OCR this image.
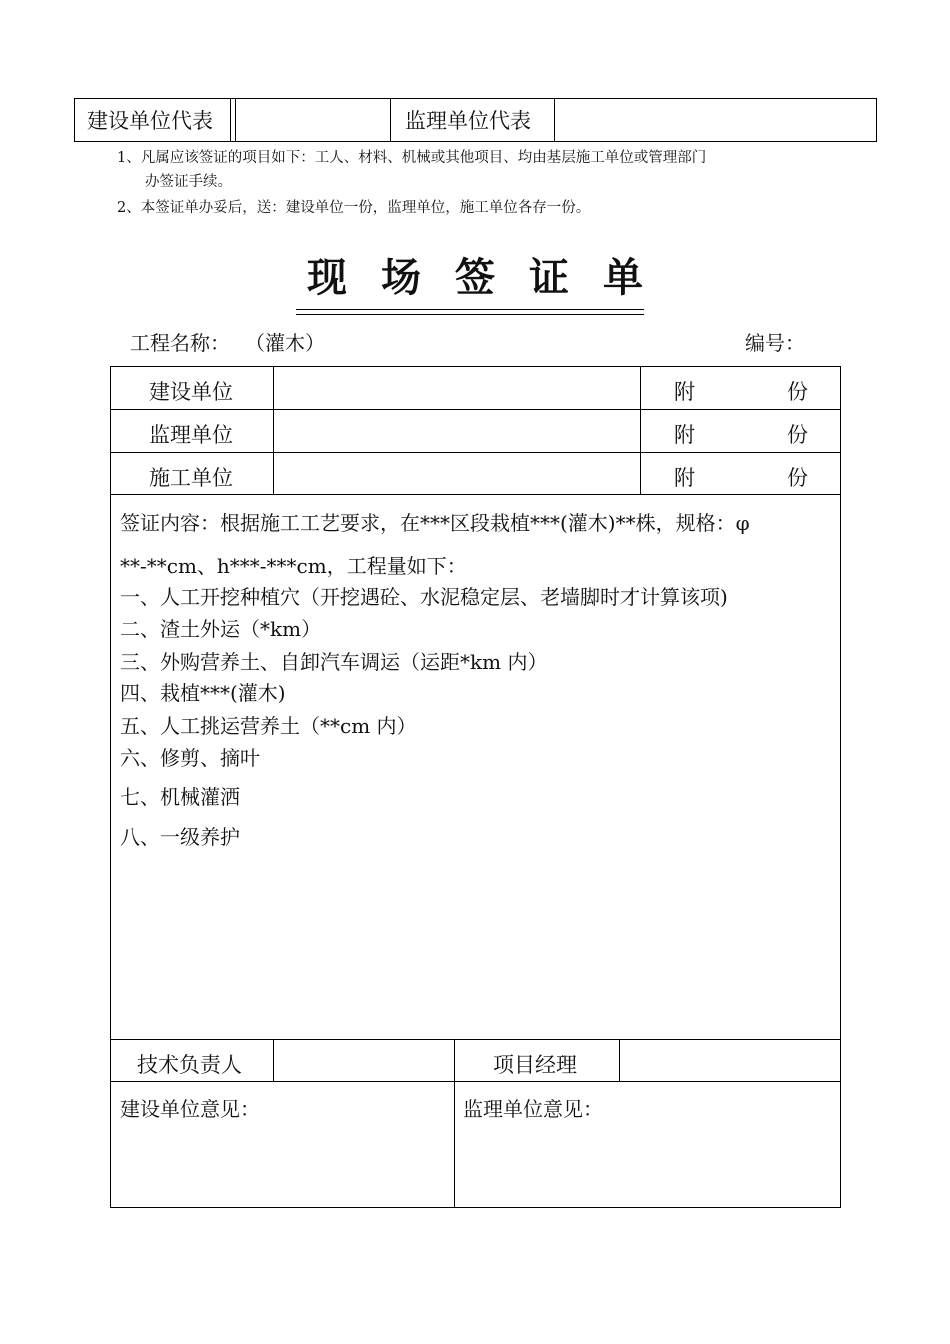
建设单位代表	监理单位代表
1、凡属应该签证的项目如下：工人、材料、机械或其他项目、均由基层施工单位或管理部门
办签证手续。
2、本签证单办妥后，送：建设单位一份，监理单位，施工单位各存一份。
现场签证单
工程名称： （灌木）	编号：
建设单位	附	份
监理单位	附	份
施工单位	附	份
签证内容：根据施工工艺要求，在***区段栽植***(灌木)**株，规格：φ
**-**cm、h***-***cm，工程量如下：
一、人工开挖种植穴（开挖遇砼、水泥稳定层、老墙脚时才计算该项)
二、渣土外运（*km）
三、外购营养土、自卸汽车调运（运距*km 内）
四、栽植***(灌木)
五、人工挑运营养土（**cm 内）
六、修剪、摘叶
七、机械灌洒
八、一级养护
技术负责人	项目经理
建设单位意见：	监理单位意见：
